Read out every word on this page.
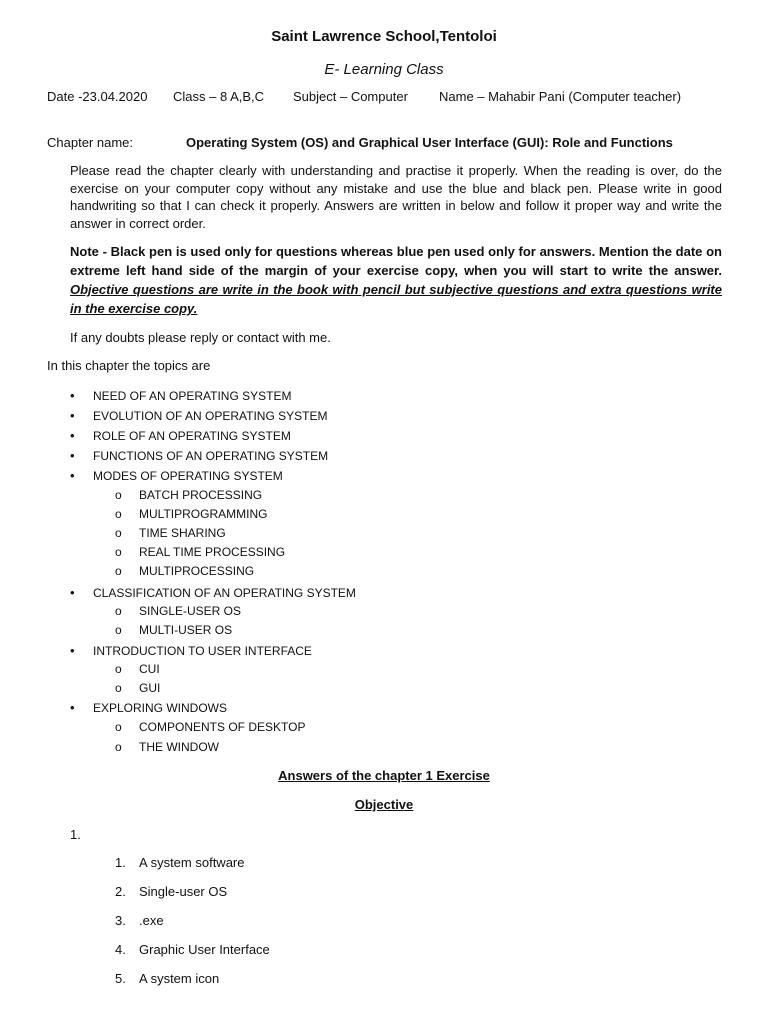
Saint Lawrence School,Tentoloi
E- Learning Class
Date -23.04.2020 Class – 8 A,B,C Subject – Computer Name – Mahabir Pani (Computer teacher)
Chapter name:	Operating System (OS) and Graphical User Interface (GUI): Role and Functions
Please read the chapter clearly with understanding and practise it properly. When the reading is over, do the exercise on your computer copy without any mistake and use the blue and black pen. Please write in good handwriting so that I can check it properly. Answers are written in below and follow it proper way and write the answer in correct order.
Note - Black pen is used only for questions whereas blue pen used only for answers. Mention the date on extreme left hand side of the margin of your exercise copy, when you will start to write the answer. Objective questions are write in the book with pencil but subjective questions and extra questions write in the exercise copy.
If any doubts please reply or contact with me.
In this chapter the topics are
• NEED OF AN OPERATING SYSTEM
• EVOLUTION OF AN OPERATING SYSTEM
• ROLE OF AN OPERATING SYSTEM
• FUNCTIONS OF AN OPERATING SYSTEM
• MODES OF OPERATING SYSTEM
o BATCH PROCESSING
o MULTIPROGRAMMING
o TIME SHARING
o REAL TIME PROCESSING
o MULTIPROCESSING
• CLASSIFICATION OF AN OPERATING SYSTEM
o SINGLE-USER OS
o MULTI-USER OS
• INTRODUCTION TO USER INTERFACE
o CUI
o GUI
• EXPLORING WINDOWS
o COMPONENTS OF DESKTOP
o THE WINDOW
Answers of the chapter 1 Exercise
Objective
1.
1. A system software
2. Single-user OS
3. .exe
4. Graphic User Interface
5. A system icon
